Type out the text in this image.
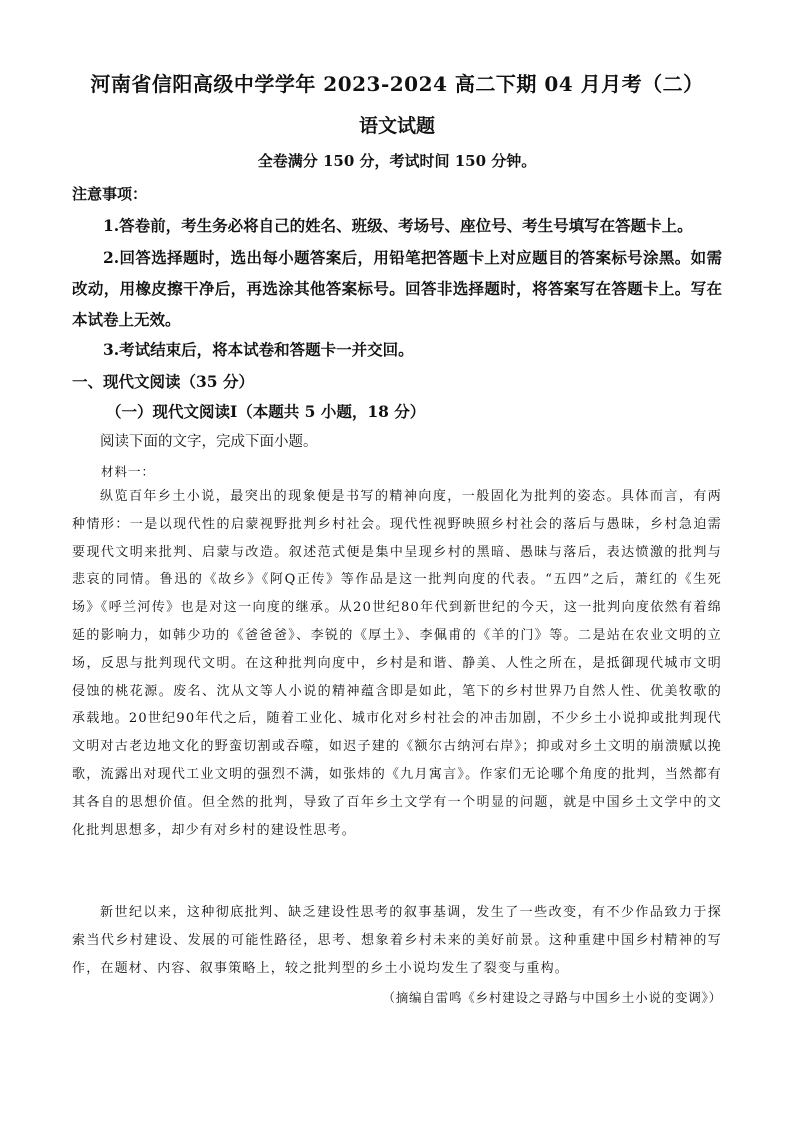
河南省信阳高级中学学年 2023-2024 高二下期 04 月月考（二）
语文试题
全卷满分 150 分，考试时间 150 分钟。
注意事项：
1.答卷前，考生务必将自己的姓名、班级、考场号、座位号、考生号填写在答题卡上。
2.回答选择题时，选出每小题答案后，用铅笔把答题卡上对应题目的答案标号涂黑。如需改动，用橡皮擦干净后，再选涂其他答案标号。回答非选择题时，将答案写在答题卡上。写在本试卷上无效。
3.考试结束后，将本试卷和答题卡一并交回。
一、现代文阅读（35 分）
（一）现代文阅读Ⅰ（本题共 5 小题，18 分）
阅读下面的文字，完成下面小题。
材料一：
纵览百年乡土小说，最突出的现象便是书写的精神向度，一般固化为批判的姿态。具体而言，有两种情形：一是以现代性的启蒙视野批判乡村社会。现代性视野映照乡村社会的落后与愚昧，乡村急迫需要现代文明来批判、启蒙与改造。叙述范式便是集中呈现乡村的黑暗、愚昧与落后，表达愤激的批判与悲哀的同情。鲁迅的《故乡》《阿Q正传》等作品是这一批判向度的代表。“五四”之后，萧红的《生死场》《呼兰河传》也是对这一向度的继承。从20世纪80年代到新世纪的今天，这一批判向度依然有着绵延的影响力，如韩少功的《爸爸爸》、李锐的《厚土》、李佩甫的《羊的门》等。二是站在农业文明的立场，反思与批判现代文明。在这种批判向度中，乡村是和谐、静美、人性之所在，是抵御现代城市文明侵蚀的桃花源。废名、沈从文等人小说的精神蕴含即是如此，笔下的乡村世界乃自然人性、优美牧歌的承载地。20世纪90年代之后，随着工业化、城市化对乡村社会的冲击加剧，不少乡土小说抑或批判现代文明对古老边地文化的野蛮切割或吞噬，如迟子建的《额尔古纳河右岸》；抑或对乡土文明的崩溃赋以挽歌，流露出对现代工业文明的强烈不满，如张炜的《九月寓言》。作家们无论哪个角度的批判，当然都有其各自的思想价值。但全然的批判，导致了百年乡土文学有一个明显的问题，就是中国乡土文学中的文化批判思想多，却少有对乡村的建设性思考。
新世纪以来，这种彻底批判、缺乏建设性思考的叙事基调，发生了一些改变，有不少作品致力于探索当代乡村建设、发展的可能性路径，思考、想象着乡村未来的美好前景。这种重建中国乡村精神的写作，在题材、内容、叙事策略上，较之批判型的乡土小说均发生了裂变与重构。
（摘编自雷鸣《乡村建设之寻路与中国乡土小说的变调》）
